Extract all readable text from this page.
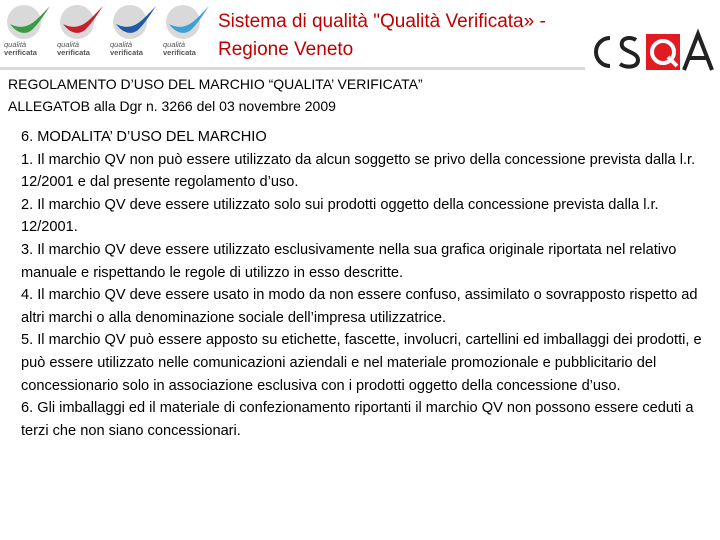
qualità
verificata
qualità
verificata
qualità
verificata
qualità
verificata
Sistema di qualità "Qualità Verificata» -
Regione Veneto
REGOLAMENTO D’USO DEL MARCHIO “QUALITA’ VERIFICATA”
ALLEGATOB alla Dgr n. 3266 del 03 novembre 2009

6. MODALITA’ D’USO DEL MARCHIO

1. Il marchio QV non può essere utilizzato da alcun soggetto se privo della concessione prevista dalla l.r. 12/2001 e dal presente regolamento d’uso.

2. Il marchio QV deve essere utilizzato solo sui prodotti oggetto della concessione prevista dalla l.r. 12/2001.

3. Il marchio QV deve essere utilizzato esclusivamente nella sua grafica originale riportata nel relativo manuale e rispettando le regole di utilizzo in esso descritte.

4. Il marchio QV deve essere usato in modo da non essere confuso, assimilato o sovrapposto rispetto ad altri marchi o alla denominazione sociale dell’impresa utilizzatrice.

5. Il marchio QV può essere apposto su etichette, fascette, involucri, cartellini ed imballaggi dei prodotti, e può essere utilizzato nelle comunicazioni aziendali e nel materiale promozionale e pubblicitario del concessionario solo in associazione esclusiva con i prodotti oggetto della concessione d’uso.

6. Gli imballaggi ed il materiale di confezionamento riportanti il marchio QV non possono essere ceduti a terzi che non siano concessionari.
